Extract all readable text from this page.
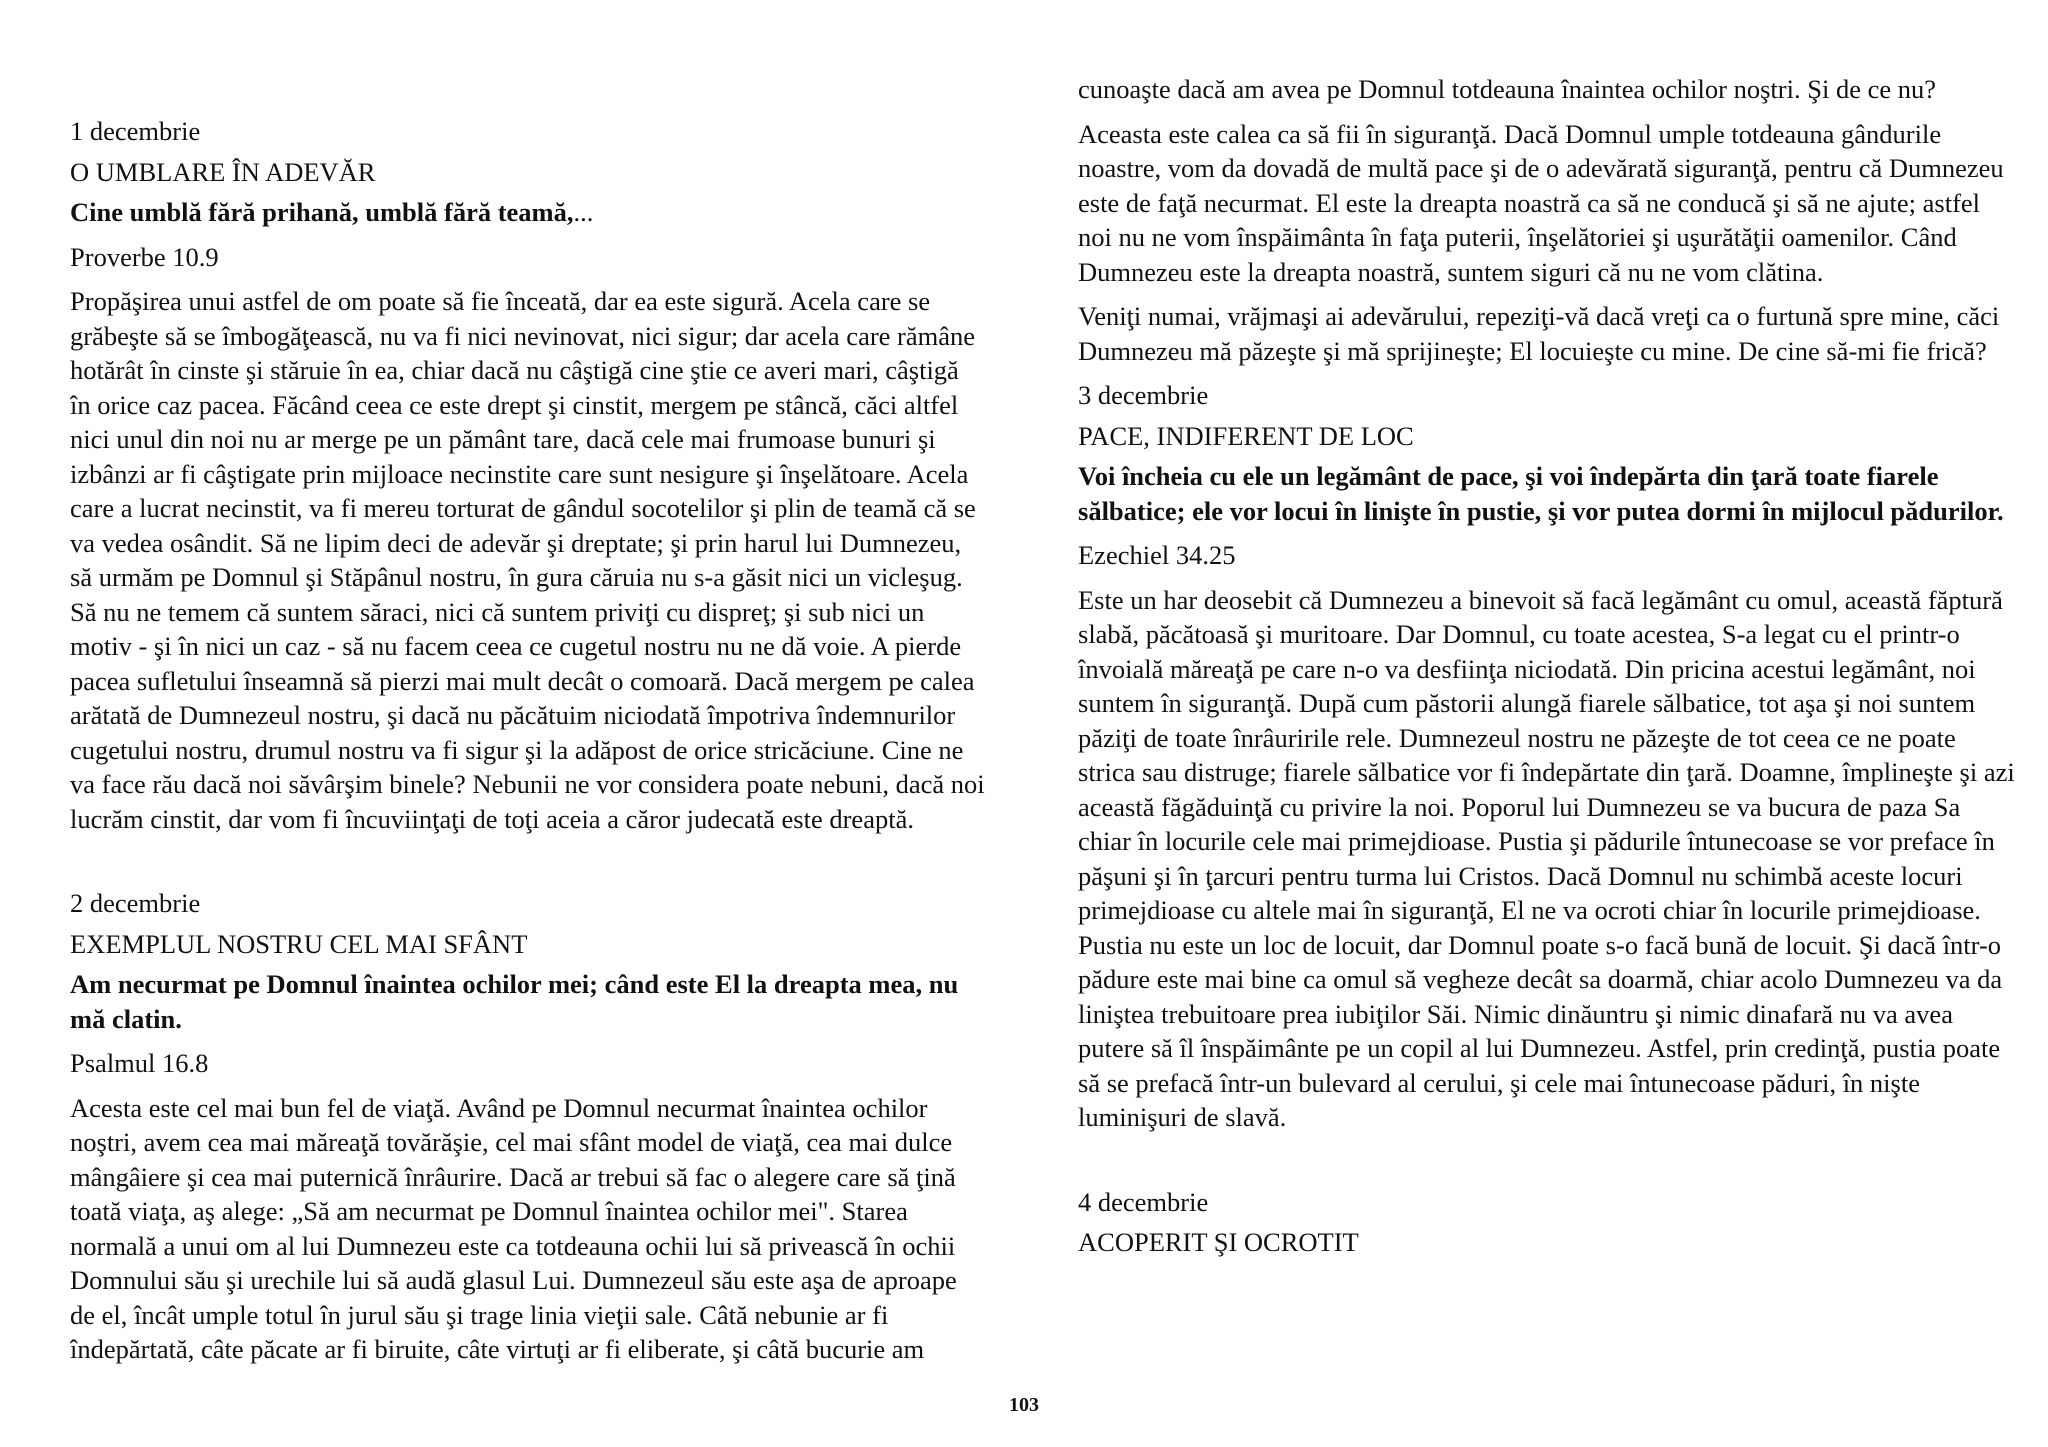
1 decembrie

O UMBLARE ÎN ADEVĂR

Cine umblă fără prihană, umblă fără teamă,...

Proverbe 10.9

Propăşirea unui astfel de om poate să fie înceată, dar ea este sigură. Acela care se grăbeşte să se îmbogăţească, nu va fi nici nevinovat, nici sigur; dar acela care rămâne hotărât în cinste şi stăruie în ea, chiar dacă nu câştigă cine ştie ce averi mari, câştigă în orice caz pacea. Făcând ceea ce este drept şi cinstit, mergem pe stâncă, căci altfel nici unul din noi nu ar merge pe un pământ tare, dacă cele mai frumoase bunuri şi izbânzi ar fi câştigate prin mijloace necinstite care sunt nesigure şi înşelătoare. Acela care a lucrat necinstit, va fi mereu torturat de gândul socotelilor şi plin de teamă că se va vedea osândit. Să ne lipim deci de adevăr şi dreptate; şi prin harul lui Dumnezeu, să urmăm pe Domnul şi Stăpânul nostru, în gura căruia nu s-a găsit nici un vicleşug. Să nu ne temem că suntem săraci, nici că suntem priviţi cu dispreţ; şi sub nici un motiv - şi în nici un caz - să nu facem ceea ce cugetul nostru nu ne dă voie. A pierde pacea sufletului înseamnă să pierzi mai mult decât o comoară. Dacă mergem pe calea arătată de Dumnezeul nostru, şi dacă nu păcătuim niciodată împotriva îndemnurilor cugetului nostru, drumul nostru va fi sigur şi la adăpost de orice stricăciune. Cine ne va face rău dacă noi săvârşim binele? Nebunii ne vor considera poate nebuni, dacă noi lucrăm cinstit, dar vom fi încuviinţaţi de toţi aceia a căror judecată este dreaptă.

2 decembrie

EXEMPLUL NOSTRU CEL MAI SFÂNT

Am necurmat pe Domnul înaintea ochilor mei; când este El la dreapta mea, nu mă clatin.

Psalmul 16.8

Acesta este cel mai bun fel de viaţă. Având pe Domnul necurmat înaintea ochilor noştri, avem cea mai măreaţă tovărăşie, cel mai sfânt model de viaţă, cea mai dulce mângâiere şi cea mai puternică înrâurire. Dacă ar trebui să fac o alegere care să ţină toată viaţa, aş alege: „Să am necurmat pe Domnul înaintea ochilor mei". Starea normală a unui om al lui Dumnezeu este ca totdeauna ochii lui să privească în ochii Domnului său şi urechile lui să audă glasul Lui. Dumnezeul său este aşa de aproape de el, încât umple totul în jurul său şi trage linia vieţii sale. Câtă nebunie ar fi îndepărtată, câte păcate ar fi biruite, câte virtuţi ar fi eliberate, şi câtă bucurie am

cunoaşte dacă am avea pe Domnul totdeauna înaintea ochilor noştri. Şi de ce nu?

Aceasta este calea ca să fii în siguranţă. Dacă Domnul umple totdeauna gândurile noastre, vom da dovadă de multă pace şi de o adevărată siguranţă, pentru că Dumnezeu este de faţă necurmat. El este la dreapta noastră ca să ne conducă şi să ne ajute; astfel noi nu ne vom înspăimânta în faţa puterii, înşelătoriei şi uşurătăţii oamenilor. Când Dumnezeu este la dreapta noastră, suntem siguri că nu ne vom clătina.

Veniţi numai, vrăjmaşi ai adevărului, repeziţi-vă dacă vreţi ca o furtună spre mine, căci Dumnezeu mă păzeşte şi mă sprijineşte; El locuieşte cu mine. De cine să-mi fie frică?

3 decembrie

PACE, INDIFERENT DE LOC

Voi încheia cu ele un legământ de pace, şi voi îndepărta din ţară toate fiarele sălbatice; ele vor locui în linişte în pustie, şi vor putea dormi în mijlocul pădurilor.

Ezechiel 34.25

Este un har deosebit că Dumnezeu a binevoit să facă legământ cu omul, această făptură slabă, păcătoasă şi muritoare. Dar Domnul, cu toate acestea, S-a legat cu el printr-o învoială măreaţă pe care n-o va desfiinţa niciodată. Din pricina acestui legământ, noi suntem în siguranţă. După cum păstorii alungă fiarele sălbatice, tot aşa şi noi suntem păziţi de toate înrâuririle rele. Dumnezeul nostru ne păzeşte de tot ceea ce ne poate strica sau distruge; fiarele sălbatice vor fi îndepărtate din ţară. Doamne, împlineşte şi azi această făgăduinţă cu privire la noi. Poporul lui Dumnezeu se va bucura de paza Sa chiar în locurile cele mai primejdioase. Pustia şi pădurile întunecoase se vor preface în păşuni şi în ţarcuri pentru turma lui Cristos. Dacă Domnul nu schimbă aceste locuri primejdioase cu altele mai în siguranţă, El ne va ocroti chiar în locurile primejdioase. Pustia nu este un loc de locuit, dar Domnul poate s-o facă bună de locuit. Şi dacă într-o pădure este mai bine ca omul să vegheze decât sa doarmă, chiar acolo Dumnezeu va da liniştea trebuitoare prea iubiţilor Săi. Nimic dinăuntru şi nimic dinafară nu va avea putere să îl înspăimânte pe un copil al lui Dumnezeu. Astfel, prin credinţă, pustia poate să se prefacă într-un bulevard al cerului, şi cele mai întunecoase păduri, în nişte luminişuri de slavă.

4 decembrie

ACOPERIT ŞI OCROTIT

103
